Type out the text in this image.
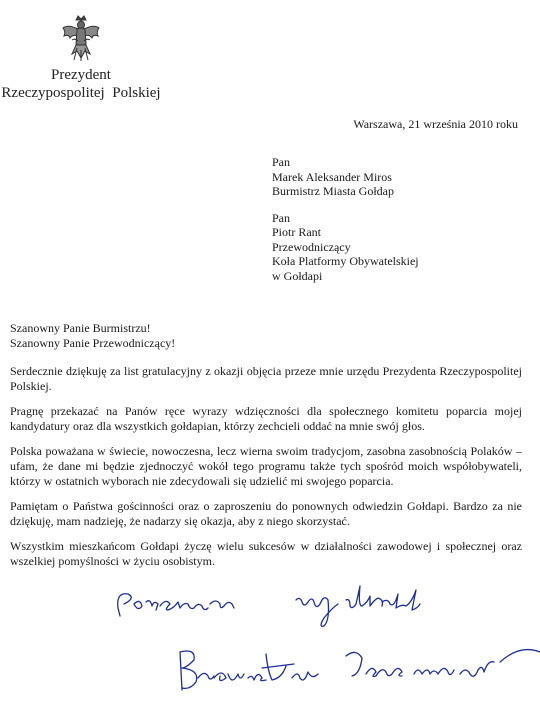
Prezydent
Rzeczypospolitej  Polskiej
Warszawa, 21 września 2010 roku

Pan

Marek Aleksander Miros

Burmistrz Miasta Gołdap

Pan

Piotr Rant

Przewodniczący

Koła Platformy Obywatelskiej

w Gołdapi

Szanowny Panie Burmistrzu!

Szanowny Panie Przewodniczący!

Serdecznie dziękuję za list gratulacyjny z okazji objęcia przeze mnie urzędu Prezydenta Rzeczypospolitej Polskiej.

Pragnę przekazać na Panów ręce wyrazy wdzięczności dla społecznego komitetu poparcia mojej kandydatury oraz dla wszystkich gołdapian, którzy zechcieli oddać na mnie swój głos.

Polska poważana w świecie, nowoczesna, lecz wierna swoim tradycjom, zasobna zasobnością Polaków – ufam, że dane mi będzie zjednoczyć wokół tego programu także tych spośród moich współobywateli, którzy w ostatnich wyborach nie zdecydowali się udzielić mi swojego poparcia.

Pamiętam o Państwa gościnności oraz o zaproszeniu do ponownych odwiedzin Gołdapi. Bardzo za nie dziękuję, mam nadzieję, że nadarzy się okazja, aby z niego skorzystać.

Wszystkim mieszkańcom Gołdapi życzę wielu sukcesów w działalności zawodowej i społecznej oraz wszelkiej pomyślności w życiu osobistym.
